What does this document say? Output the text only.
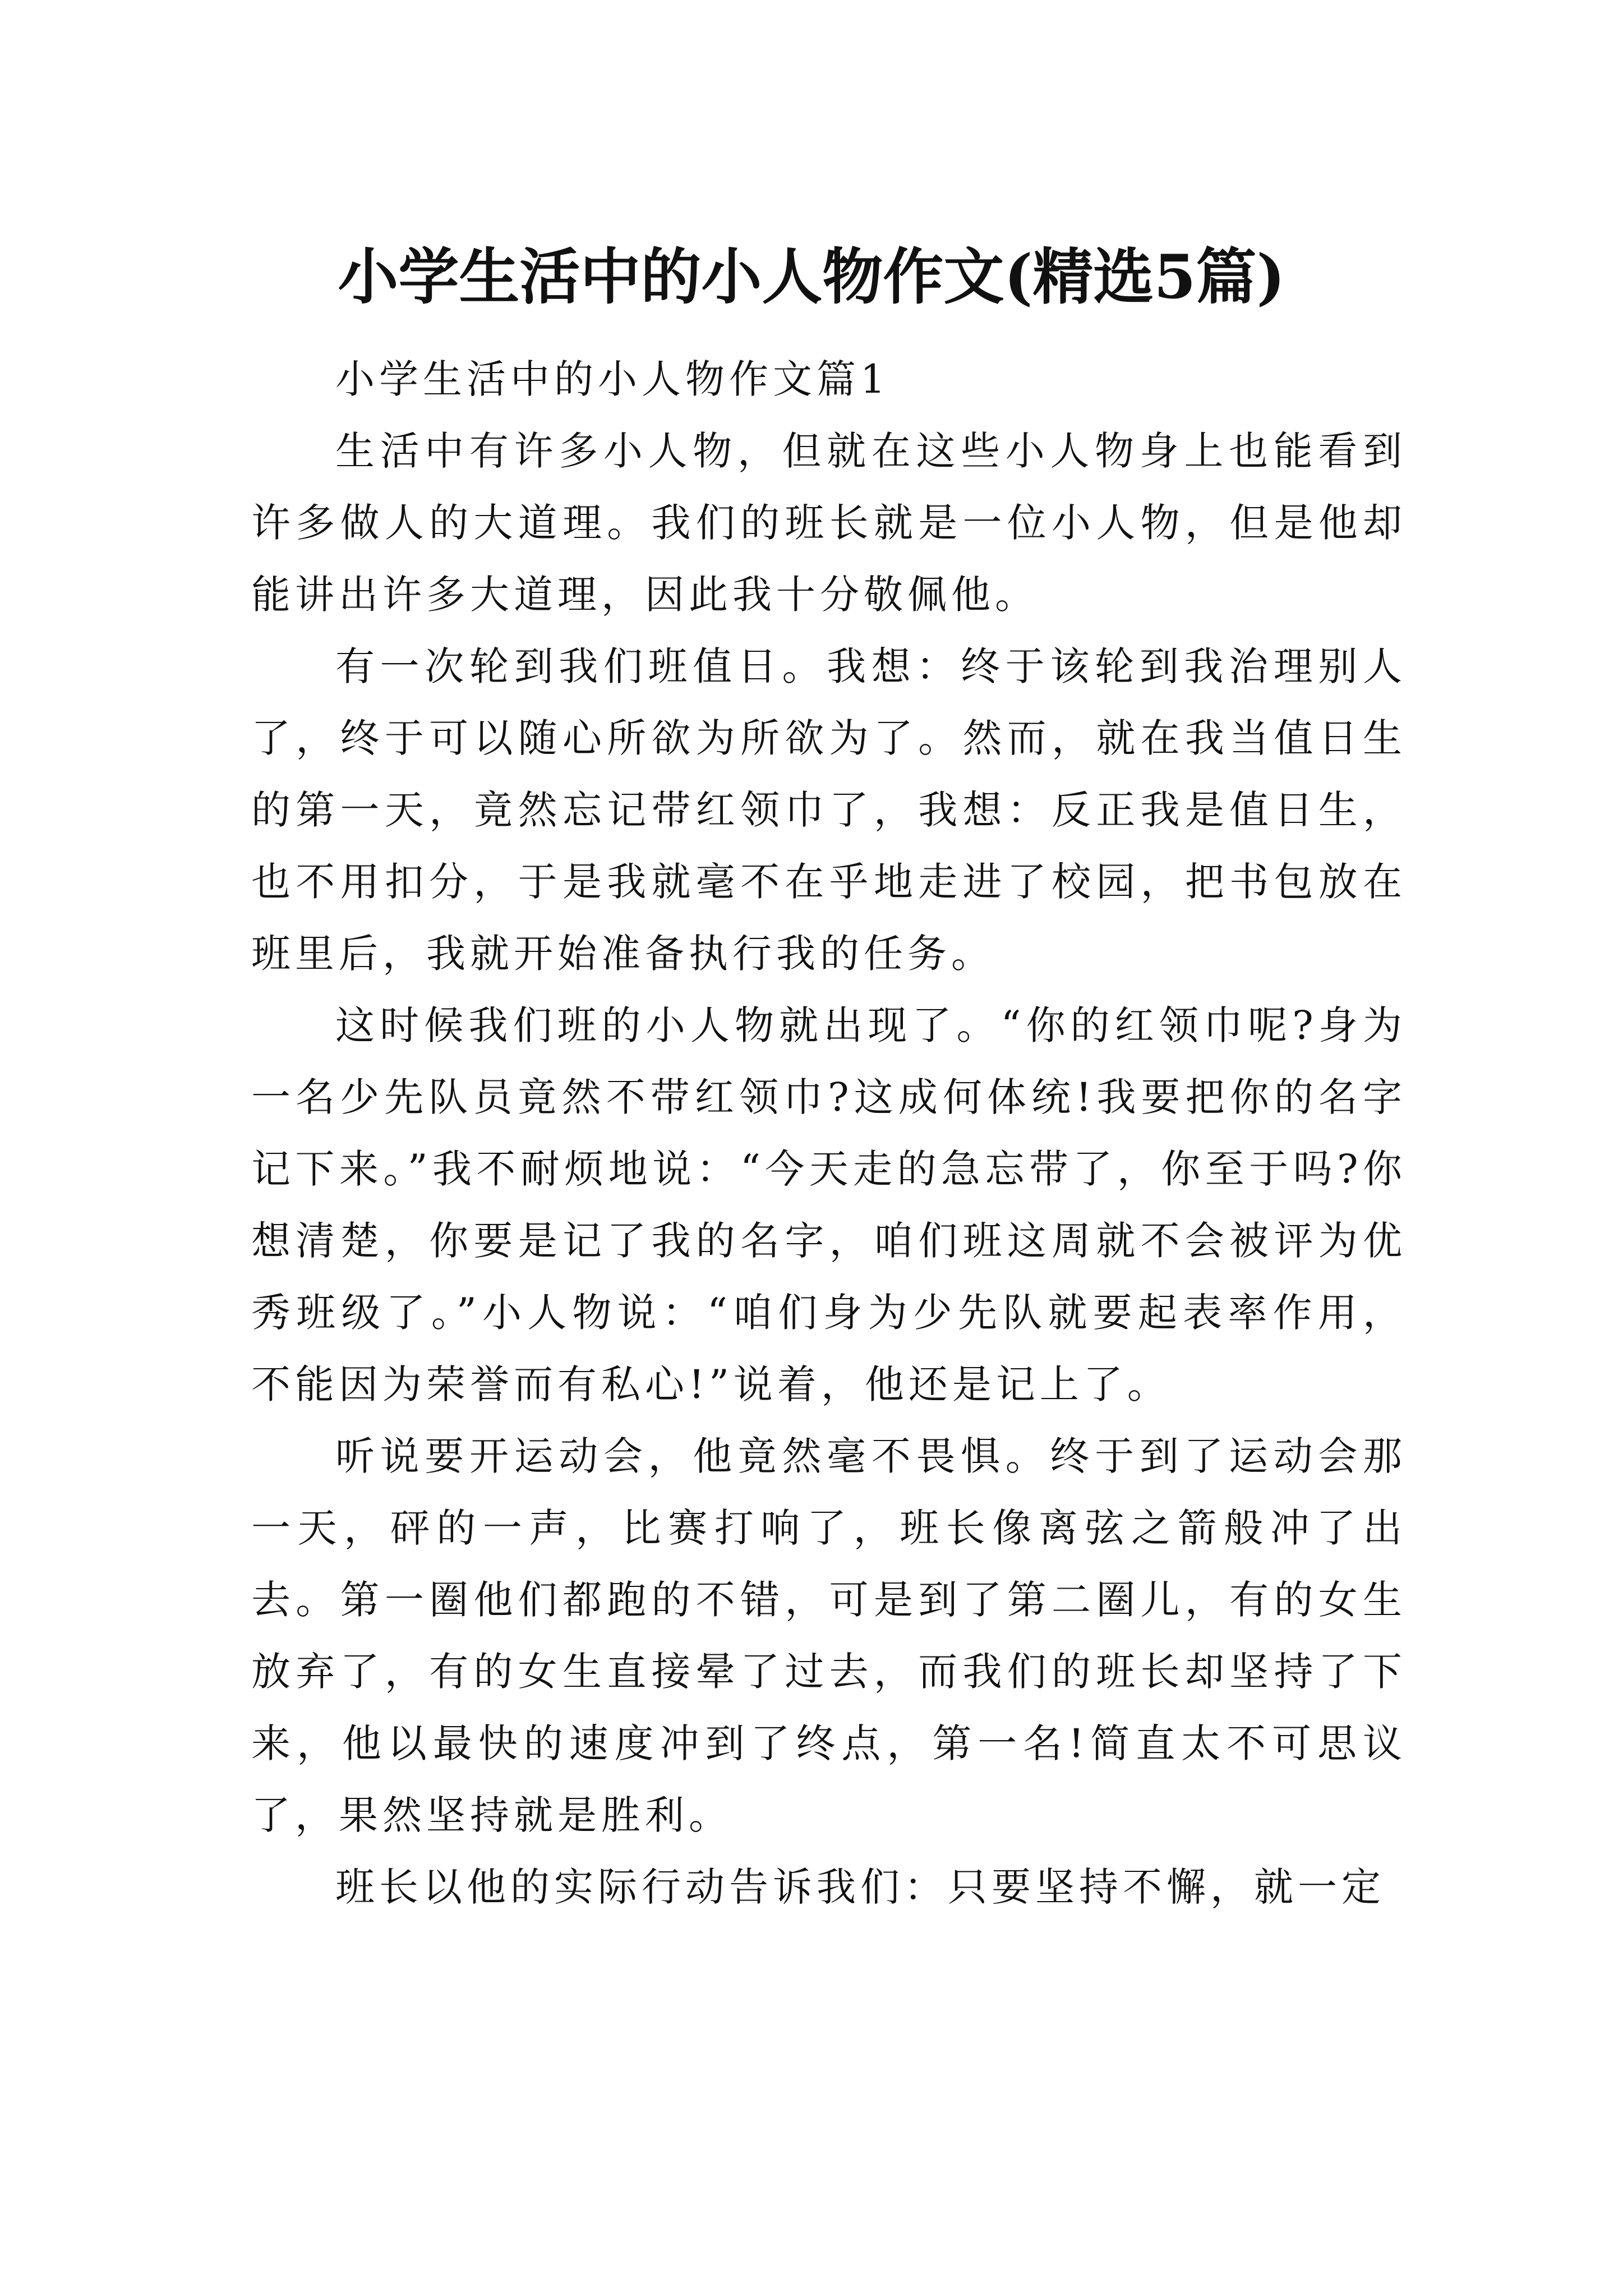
小学生活中的小人物作文(精选5篇)

小学生活中的小人物作文篇1

生活中有许多小人物，但就在这些小人物身上也能看到许多做人的大道理。我们的班长就是一位小人物，但是他却能讲出许多大道理，因此我十分敬佩他。

有一次轮到我们班值日。我想：终于该轮到我治理别人了，终于可以随心所欲为所欲为了。然而，就在我当值日生的第一天，竟然忘记带红领巾了，我想：反正我是值日生，也不用扣分，于是我就毫不在乎地走进了校园，把书包放在班里后，我就开始准备执行我的任务。

这时候我们班的小人物就出现了。“你的红领巾呢?身为一名少先队员竟然不带红领巾?这成何体统!我要把你的名字记下来。”我不耐烦地说：“今天走的急忘带了，你至于吗?你想清楚，你要是记了我的名字，咱们班这周就不会被评为优秀班级了。”小人物说：“咱们身为少先队就要起表率作用，不能因为荣誉而有私心!”说着，他还是记上了。

听说要开运动会，他竟然毫不畏惧。终于到了运动会那一天，砰的一声，比赛打响了，班长像离弦之箭般冲了出去。第一圈他们都跑的不错，可是到了第二圈儿，有的女生放弃了，有的女生直接晕了过去，而我们的班长却坚持了下来，他以最快的速度冲到了终点，第一名!简直太不可思议了，果然坚持就是胜利。

班长以他的实际行动告诉我们：只要坚持不懈，就一定
